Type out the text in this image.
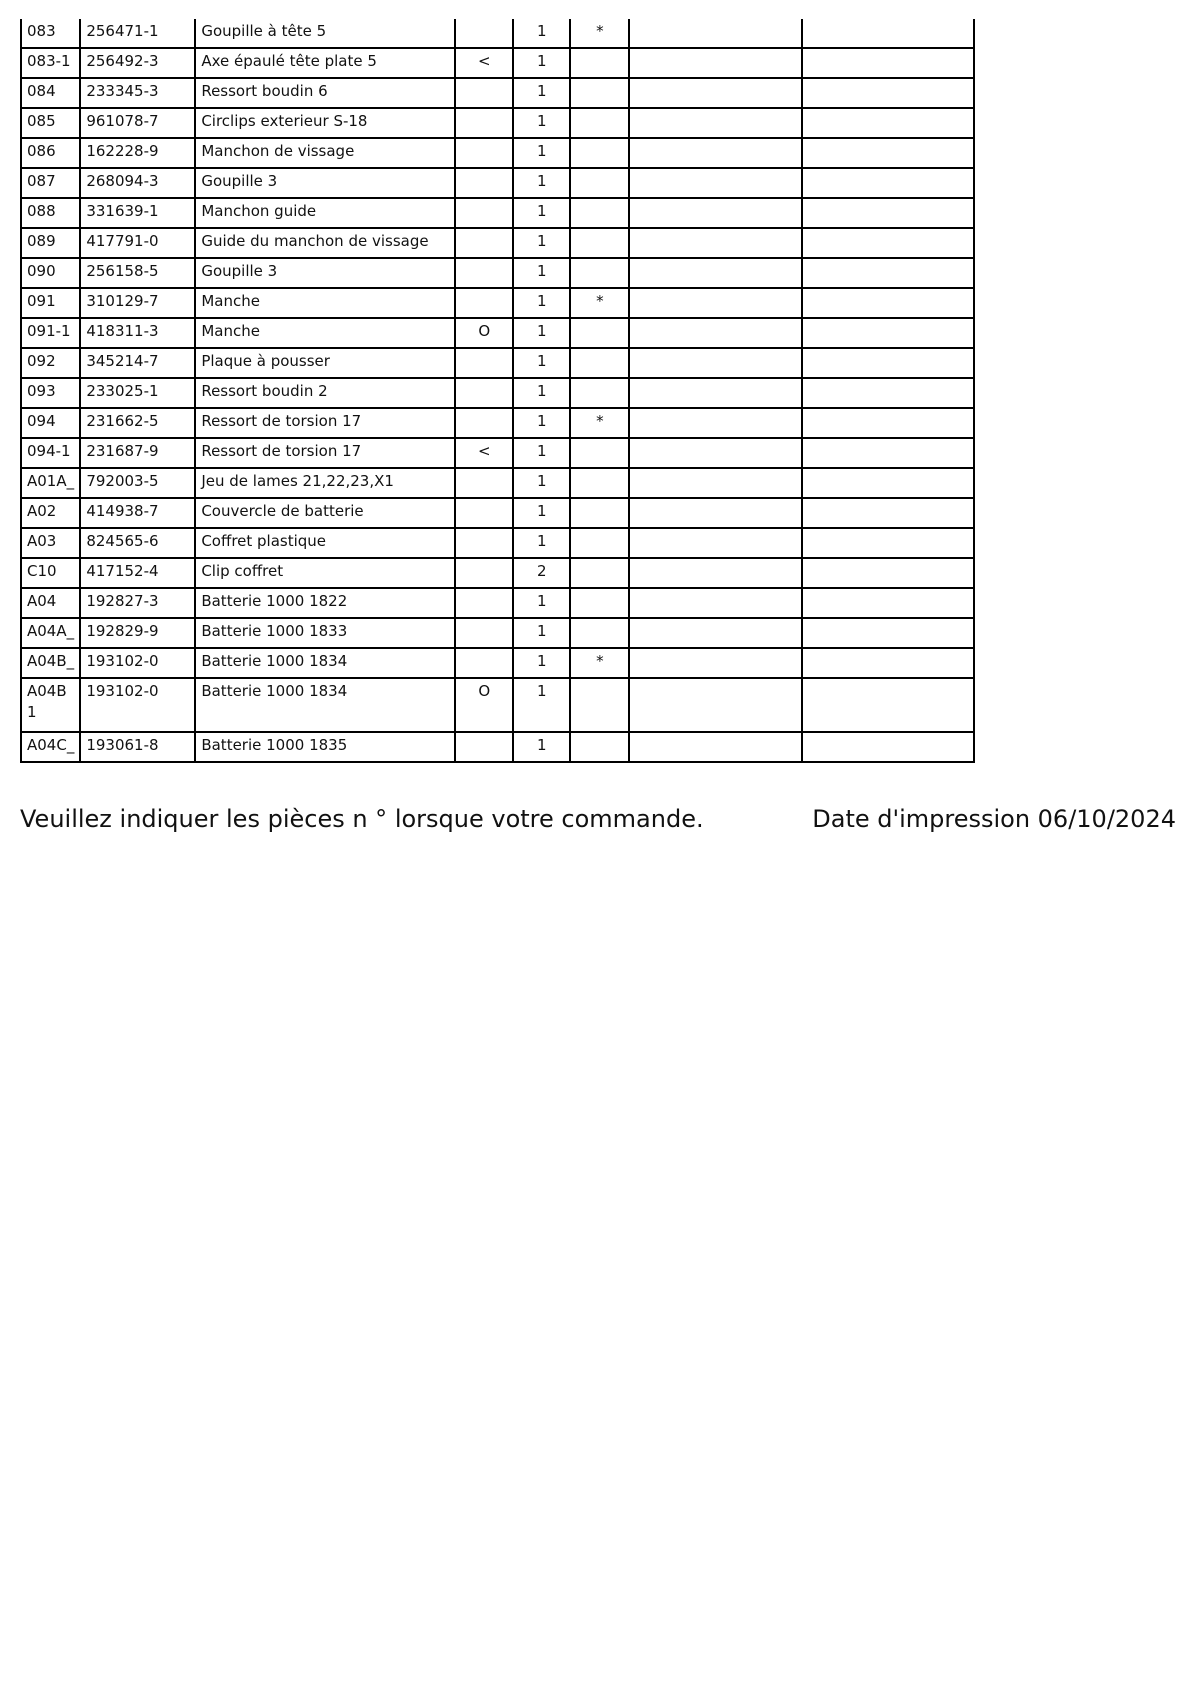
083	256471-1	Goupille à tête 5		1	*		
083-1	256492-3	Axe épaulé tête plate 5	<	1			
084	233345-3	Ressort boudin 6		1			
085	961078-7	Circlips exterieur S-18		1			
086	162228-9	Manchon de vissage		1			
087	268094-3	Goupille 3		1			
088	331639-1	Manchon guide		1			
089	417791-0	Guide du manchon de vissage		1			
090	256158-5	Goupille 3		1			
091	310129-7	Manche		1	*		
091-1	418311-3	Manche	O	1			
092	345214-7	Plaque à pousser		1			
093	233025-1	Ressort boudin 2		1			
094	231662-5	Ressort de torsion 17		1	*		
094-1	231687-9	Ressort de torsion 17	<	1			
A01A_	792003-5	Jeu de lames 21,22,23,X1		1			
A02	414938-7	Couvercle de batterie		1			
A03	824565-6	Coffret plastique		1			
C10	417152-4	Clip coffret		2			
A04	192827-3	Batterie 1000 1822		1			
A04A_	192829-9	Batterie 1000 1833		1			
A04B_	193102-0	Batterie 1000 1834		1	*		
A04B 1	193102-0	Batterie 1000 1834	O	1			
A04C_	193061-8	Batterie 1000 1835		1			
Veuillez indiquer les pièces n ° lorsque votre commande.	Date d'impression 06/10/2024
